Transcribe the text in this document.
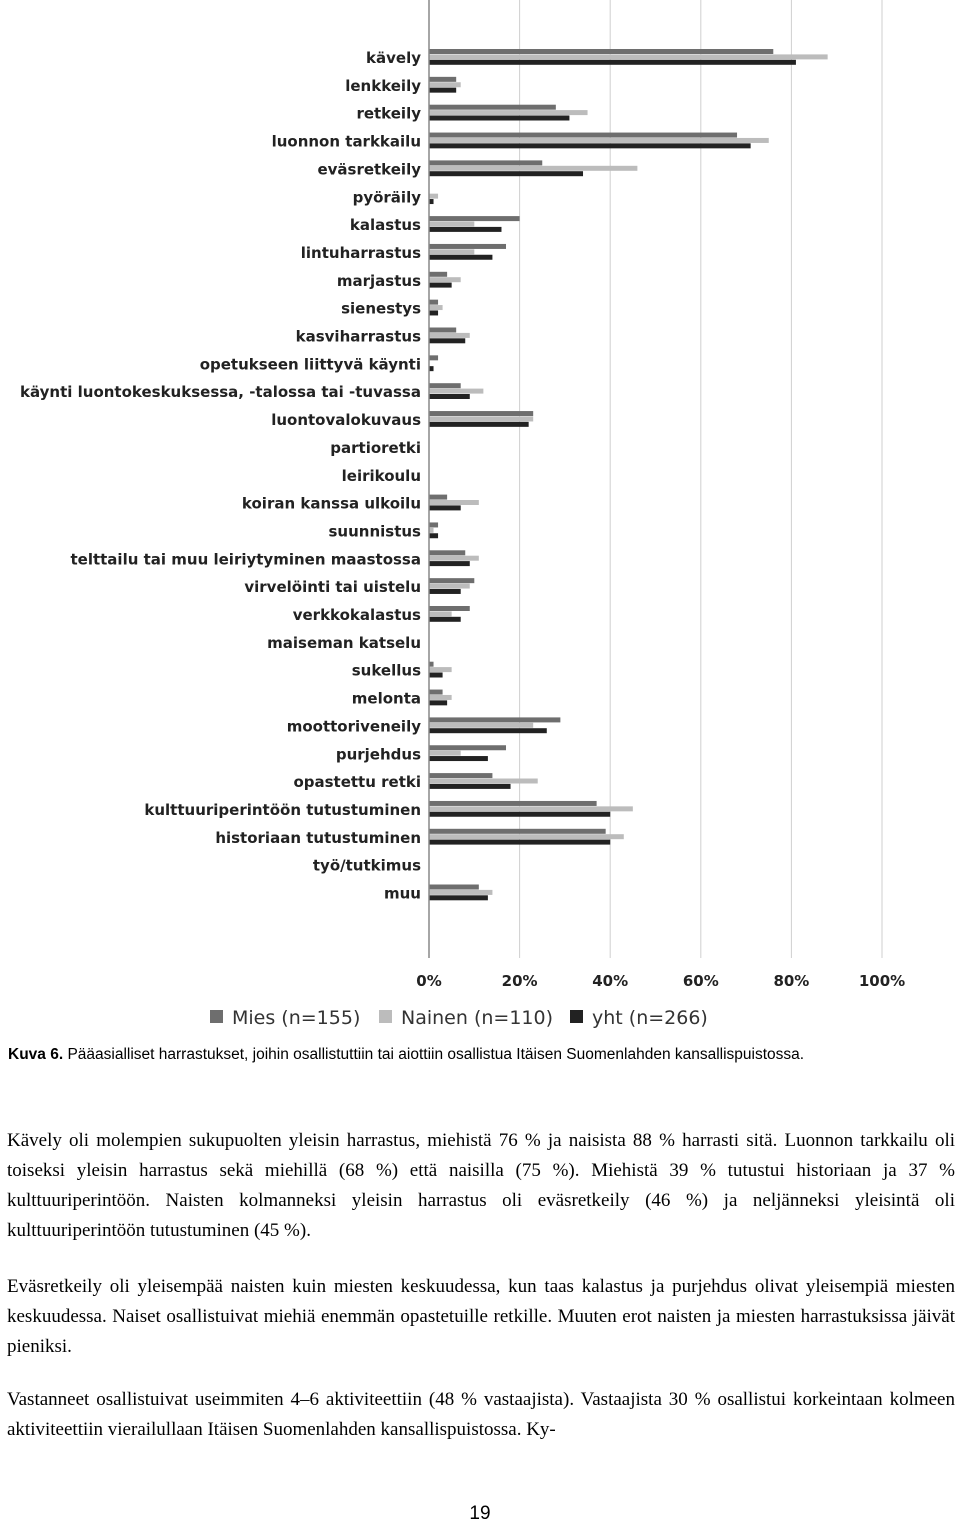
kävely
lenkkeily
retkeily
luonnon tarkkailu
eväsretkeily
pyöräily
kalastus
lintuharrastus
marjastus
sienestys
kasviharrastus
opetukseen liittyvä käynti
käynti luontokeskuksessa, -talossa tai -tuvassa
luontovalokuvaus
partioretki
leirikoulu
koiran kanssa ulkoilu
suunnistus
telttailu tai muu leiriytyminen maastossa
virvelöinti tai uistelu
verkkokalastus
maiseman katselu
sukellus
melonta
moottoriveneily
purjehdus
opastettu retki
kulttuuriperintöön tutustuminen
historiaan tutustuminen
työ/tutkimus
muu
0%	20%	40%	60%	80%	100%
Mies (n=155) Nainen (n=110) yht (n=266)
Kuva 6. Pääasialliset harrastukset, joihin osallistuttiin tai aiottiin osallistua Itäisen Suomenlahden kansallispuistossa.

Kävely oli molempien sukupuolten yleisin harrastus, miehistä 76 % ja naisista 88 % harrasti sitä. Luonnon tarkkailu oli toiseksi yleisin harrastus sekä miehillä (68 %) että naisilla (75 %). Miehistä 39 % tutustui historiaan ja 37 % kulttuuriperintöön. Naisten kolmanneksi yleisin harrastus oli eväsretkeily (46 %) ja neljänneksi yleisintä oli kulttuuriperintöön tutustuminen (45 %).

Eväsretkeily oli yleisempää naisten kuin miesten keskuudessa, kun taas kalastus ja purjehdus olivat yleisempiä miesten keskuudessa. Naiset osallistuivat miehiä enemmän opastetuille retkille. Muuten erot naisten ja miesten harrastuksissa jäivät pieniksi.

Vastanneet osallistuivat useimmiten 4–6 aktiviteettiin (48 % vastaajista). Vastaajista 30 % osallistui korkeintaan kolmeen aktiviteettiin vierailullaan Itäisen Suomenlahden kansallispuistossa. Ky-

19
